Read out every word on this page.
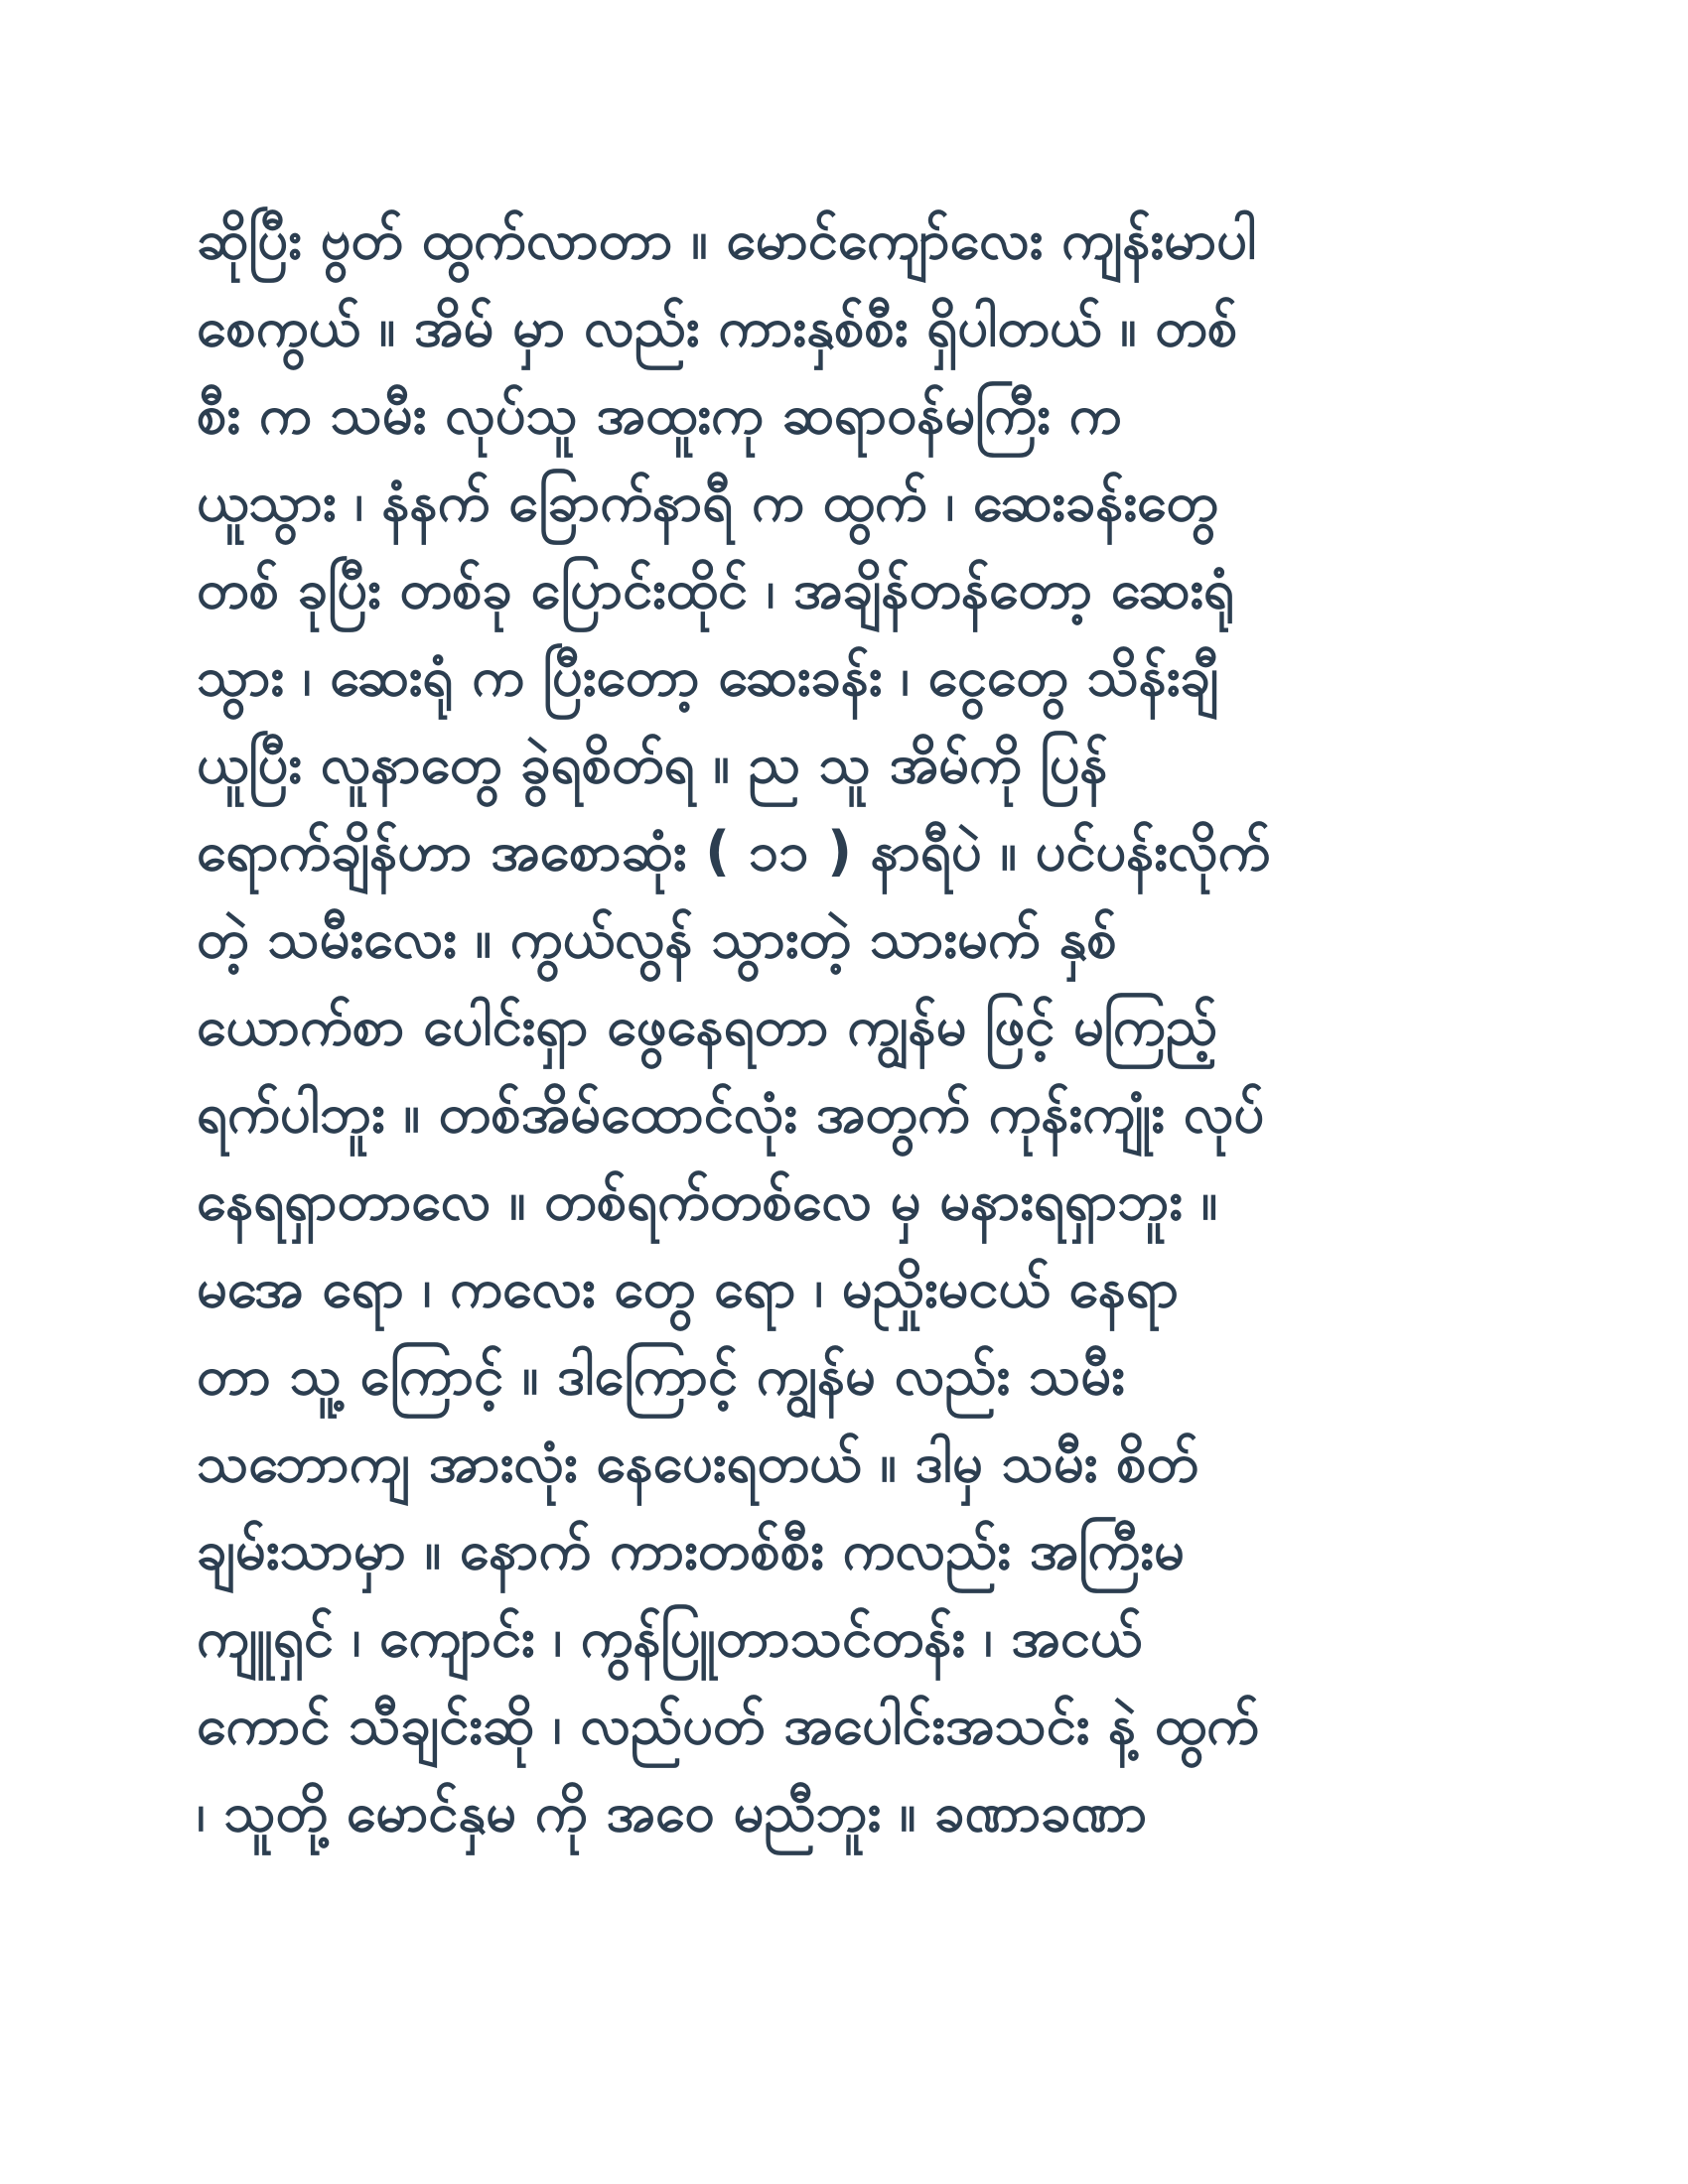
ဆိုပြီး ဗွတ် ထွက်လာတာ ။ မောင်ကျော်လေး ကျန်းမာပါ
စေကွယ် ။ အိမ် မှာ လည်း ကားနှစ်စီး ရှိပါတယ် ။ တစ်
စီး က သမီး လုပ်သူ အထူးကု ဆရာဝန်မကြီး က
ယူသွား ၊ နံနက် ခြောက်နာရီ က ထွက် ၊ ဆေးခန်းတွေ
တစ် ခုပြီး တစ်ခု ပြောင်းထိုင် ၊ အချိန်တန်တော့ ဆေးရုံ
သွား ၊ ဆေးရုံ က ပြီးတော့ ဆေးခန်း ၊ ငွေတွေ သိန်းချီ
ယူပြီး လူနာတွေ ခွဲရစိတ်ရ ။ ည သူ အိမ်ကို ပြန်
ရောက်ချိန်ဟာ အစောဆုံး ( ၁၁ ) နာရီပဲ ။ ပင်ပန်းလိုက်
တဲ့ သမီးလေး ။ ကွယ်လွန် သွားတဲ့ သားမက် နှစ်
ယောက်စာ ပေါင်းရှာ ဖွေနေရတာ ကျွန်မ ဖြင့် မကြည့်
ရက်ပါဘူး ။ တစ်အိမ်ထောင်လုံး အတွက် ကုန်းကျုံး လုပ်
နေရရှာတာလေ ။ တစ်ရက်တစ်လေ မှ မနားရရှာဘူး ။
မအေ ရော ၊ ကလေး တွေ ရော ၊ မညှိုးမငယ် နေရာ
တာ သူ့ ကြောင့် ။ ဒါကြောင့် ကျွန်မ လည်း သမီး
သဘောကျ အားလုံး နေပေးရတယ် ။ ဒါမှ သမီး စိတ်
ချမ်းသာမှာ ။ နောက် ကားတစ်စီး ကလည်း အကြီးမ
ကျူရှင် ၊ ကျောင်း ၊ ကွန်ပြူတာသင်တန်း ၊ အငယ်
ကောင် သီချင်းဆို ၊ လည်ပတ် အပေါင်းအသင်း နဲ့ ထွက်
၊ သူတို့ မောင်နှမ ကို အဝေ မညီဘူး ။ ခဏာခဏာ
